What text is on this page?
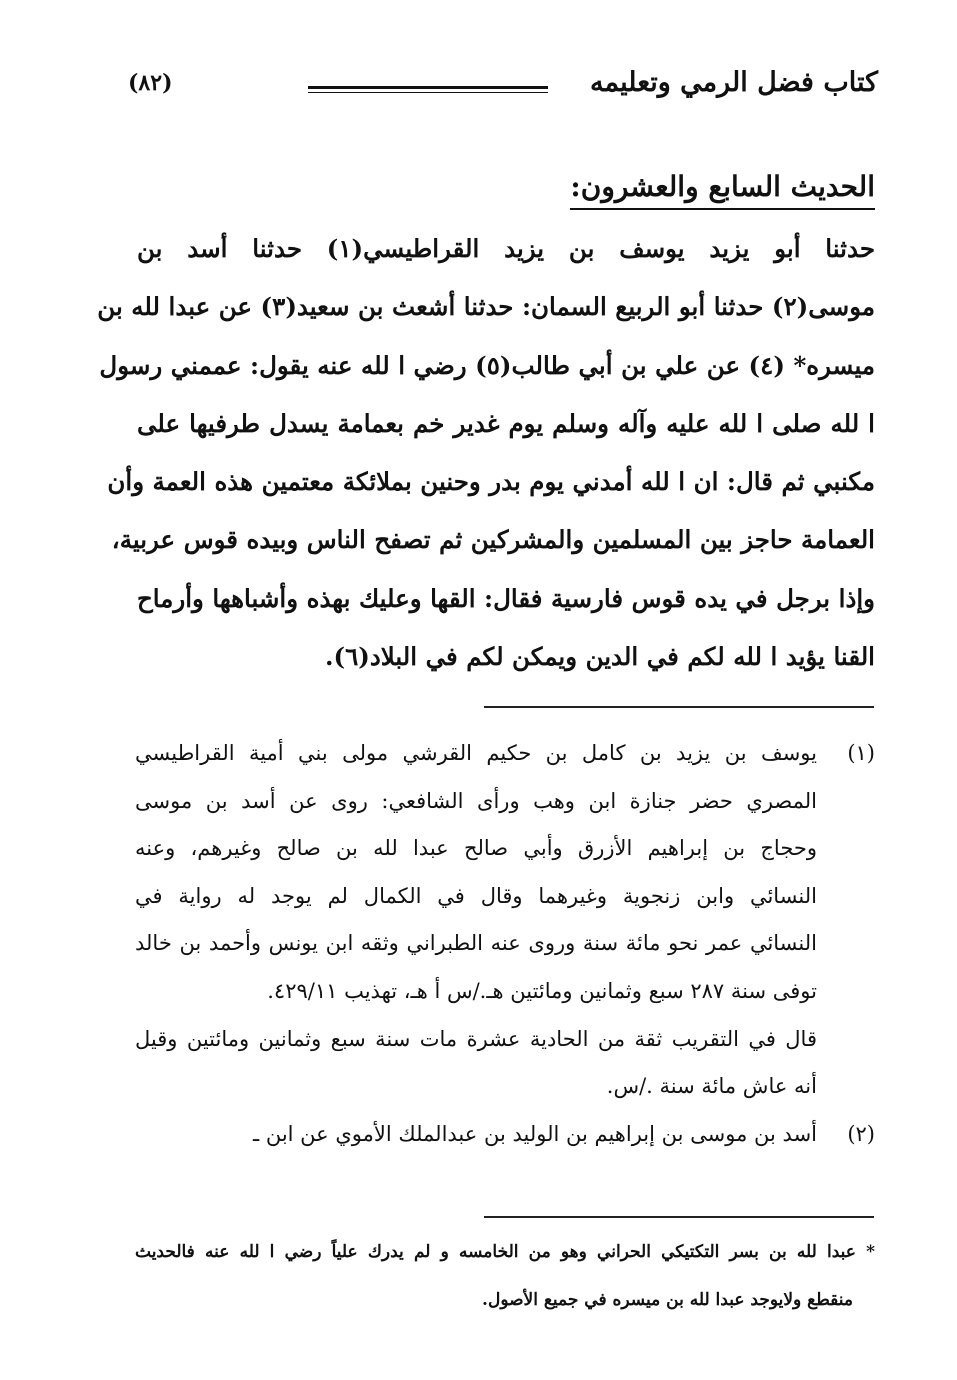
كتاب فضل الرمي وتعليمه
(٨٢)
الحديث السابع والعشرون:
حدثنا أبو يزيد يوسف بن يزيد القراطيسي(١) حدثنا أسد بن
موسى(٢) حدثنا أبو الربيع السمان: حدثنا أشعث بن سعيد(٣) عن عبدا لله بن
ميسره* (٤) عن علي بن أبي طالب(٥) رضي ا لله عنه يقول: عممني رسول
ا لله صلى ا لله عليه وآله وسلم يوم غدير خم بعمامة يسدل طرفيها على
مكنبي ثم قال: ان ا لله أمدني يوم بدر وحنين بملائكة معتمين هذه العمة وأن
العمامة حاجز بين المسلمين والمشركين ثم تصفح الناس وبيده قوس عربية،
وإذا برجل في يده قوس فارسية فقال: القها وعليك بهذه وأشباهها وأرماح
القنا يؤيد ا لله لكم في الدين ويمكن لكم في البلاد(٦).
(١)
يوسف بن يزيد بن كامل بن حكيم القرشي مولى بني أمية القراطيسي
المصري حضر جنازة ابن وهب ورأى الشافعي: روى عن أسد بن موسى
وحجاج بن إبراهيم الأزرق وأبي صالح عبدا لله بن صالح وغيرهم، وعنه
النسائي وابن زنجوية وغيرهما وقال في الكمال لم يوجد له رواية في
النسائي عمر نحو مائة سنة وروى عنه الطبراني وثقه ابن يونس وأحمد بن خالد
توفى سنة ٢٨٧ سبع وثمانين ومائتين هـ./س أ هـ، تهذيب ٤٢٩/١١.
قال في التقريب ثقة من الحادية عشرة مات سنة سبع وثمانين ومائتين وقيل
أنه عاش مائة سنة ./س.
(٢)
أسد بن موسى بن إبراهيم بن الوليد بن عبدالملك الأموي عن ابن ـ
* عبدا لله بن بسر التكتيكي الحراني وهو من الخامسه و لم يدرك علياً رضي ا لله عنه فالحديث
منقطع ولايوجد عبدا لله بن ميسره في جميع الأصول.
